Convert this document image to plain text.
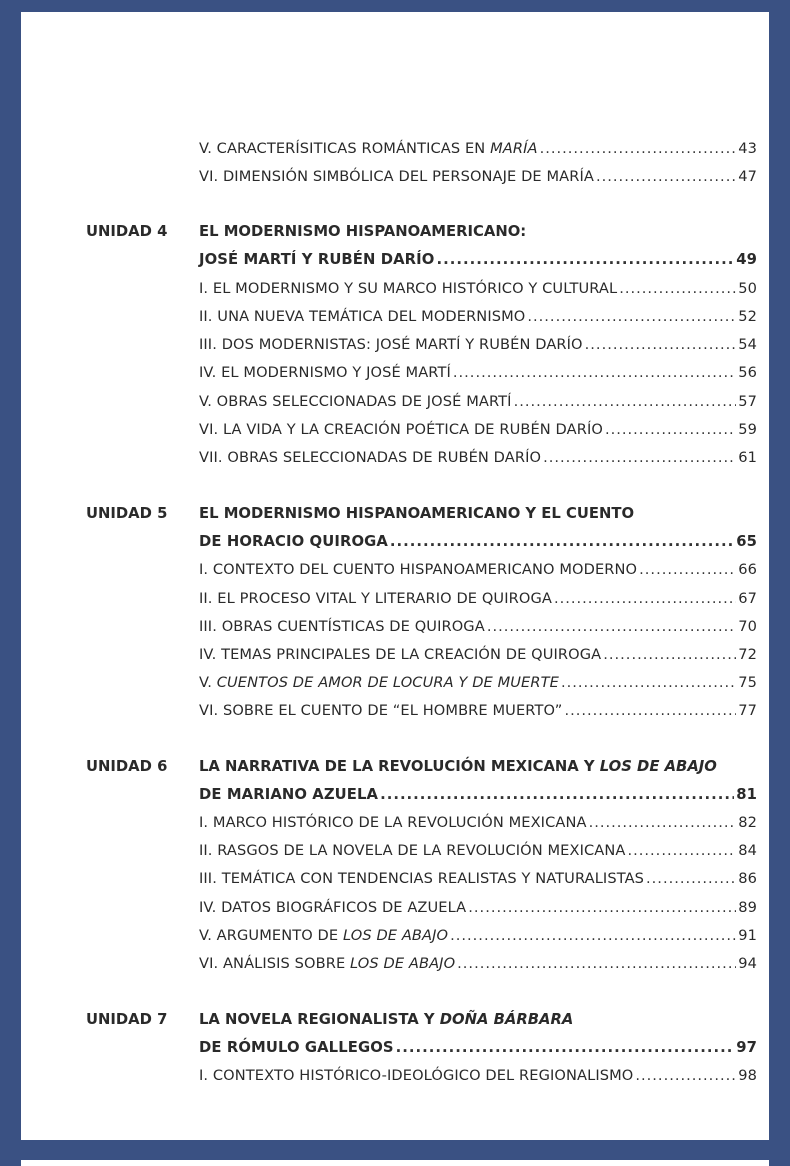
V. CARACTERÍSITICAS ROMÁNTICAS EN MARÍA .....	43
VI. DIMENSIÓN SIMBÓLICA DEL PERSONAJE DE MARÍA .....	47
UNIDAD 4 EL MODERNISMO HISPANOAMERICANO:
JOSÉ MARTÍ Y RUBÉN DARÍO .....	49
I. EL MODERNISMO Y SU MARCO HISTÓRICO Y CULTURAL .....	50
II. UNA NUEVA TEMÁTICA DEL MODERNISMO .....	52
III. DOS MODERNISTAS: JOSÉ MARTÍ Y RUBÉN DARÍO .....	54
IV. EL MODERNISMO Y JOSÉ MARTÍ .....	56
V. OBRAS SELECCIONADAS DE JOSÉ MARTÍ .....	57
VI. LA VIDA Y LA CREACIÓN POÉTICA DE RUBÉN DARÍO .....	59
VII. OBRAS SELECCIONADAS DE RUBÉN DARÍO .....	61
UNIDAD 5 EL MODERNISMO HISPANOAMERICANO Y EL CUENTO
DE HORACIO QUIROGA .....	65
I. CONTEXTO DEL CUENTO HISPANOAMERICANO MODERNO .....	66
II. EL PROCESO VITAL Y LITERARIO DE QUIROGA .....	67
III. OBRAS CUENTÍSTICAS DE QUIROGA .....	70
IV. TEMAS PRINCIPALES DE LA CREACIÓN DE QUIROGA .....	72
V. CUENTOS DE AMOR DE LOCURA Y DE MUERTE .....	75
VI. SOBRE EL CUENTO DE “EL HOMBRE MUERTO” .....	77
UNIDAD 6 LA NARRATIVA DE LA REVOLUCIÓN MEXICANA Y LOS DE ABAJO
DE MARIANO AZUELA .....	81
I. MARCO HISTÓRICO DE LA REVOLUCIÓN MEXICANA .....	82
II. RASGOS DE LA NOVELA DE LA REVOLUCIÓN MEXICANA .....	84
III. TEMÁTICA CON TENDENCIAS REALISTAS Y NATURALISTAS .....	86
IV. DATOS BIOGRÁFICOS DE AZUELA .....	89
V. ARGUMENTO DE LOS DE ABAJO .....	91
VI. ANÁLISIS SOBRE LOS DE ABAJO .....	94
UNIDAD 7 LA NOVELA REGIONALISTA Y DOÑA BÁRBARA
DE RÓMULO GALLEGOS .....	97
I. CONTEXTO HISTÓRICO-IDEOLÓGICO DEL REGIONALISMO .....	98
